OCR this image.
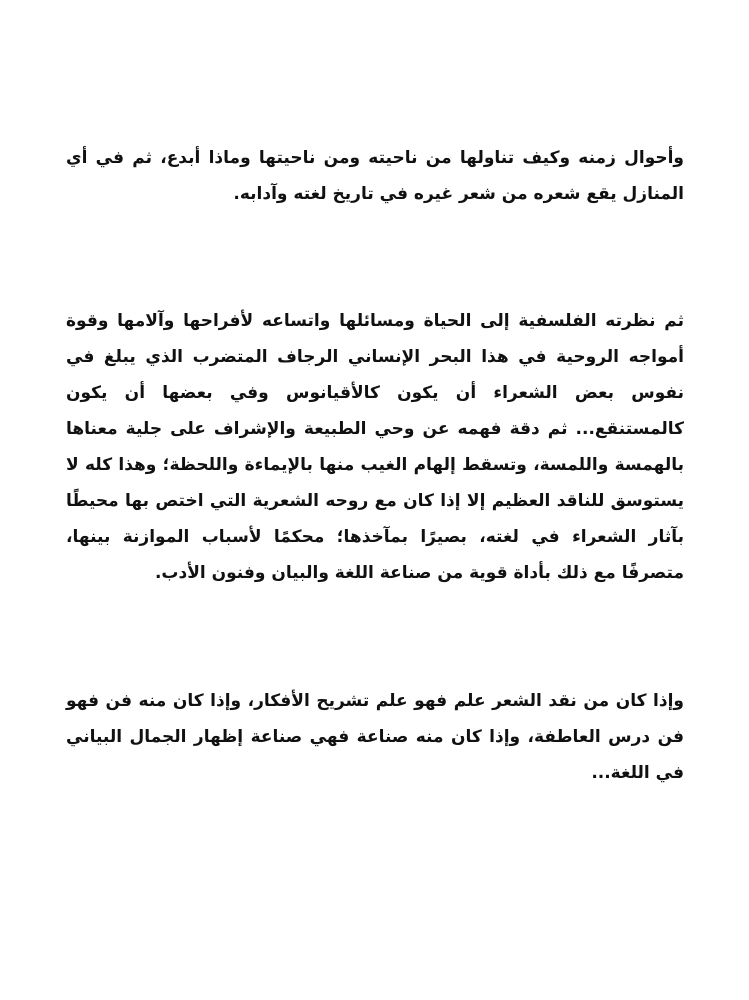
وأحوال زمنه وكيف تناولها من ناحيته ومن ناحيتها وماذا أبدع، ثم في أي المنازل يقع شعره من شعر غيره في تاريخ لغته وآدابه.

ثم نظرته الفلسفية إلى الحياة ومسائلها واتساعه لأفراحها وآلامها وقوة أمواجه الروحية في هذا البحر الإنساني الرجاف المتضرب الذي يبلغ في نفوس بعض الشعراء أن يكون كالأقيانوس وفي بعضها أن يكون كالمستنقع... ثم دقة فهمه عن وحي الطبيعة والإشراف على جلية معناها بالهمسة واللمسة، وتسقط إلهام الغيب منها بالإيماءة واللحظة؛ وهذا كله لا يستوسق للناقد العظيم إلا إذا كان مع روحه الشعرية التي اختص بها محيطًا بآثار الشعراء في لغته، بصيرًا بمآخذها؛ محكمًا لأسباب الموازنة بينها، متصرفًا مع ذلك بأداة قوية من صناعة اللغة والبيان وفنون الأدب.

وإذا كان من نقد الشعر علم فهو علم تشريح الأفكار، وإذا كان منه فن فهو فن درس العاطفة، وإذا كان منه صناعة فهي صناعة إظهار الجمال البياني في اللغة...
